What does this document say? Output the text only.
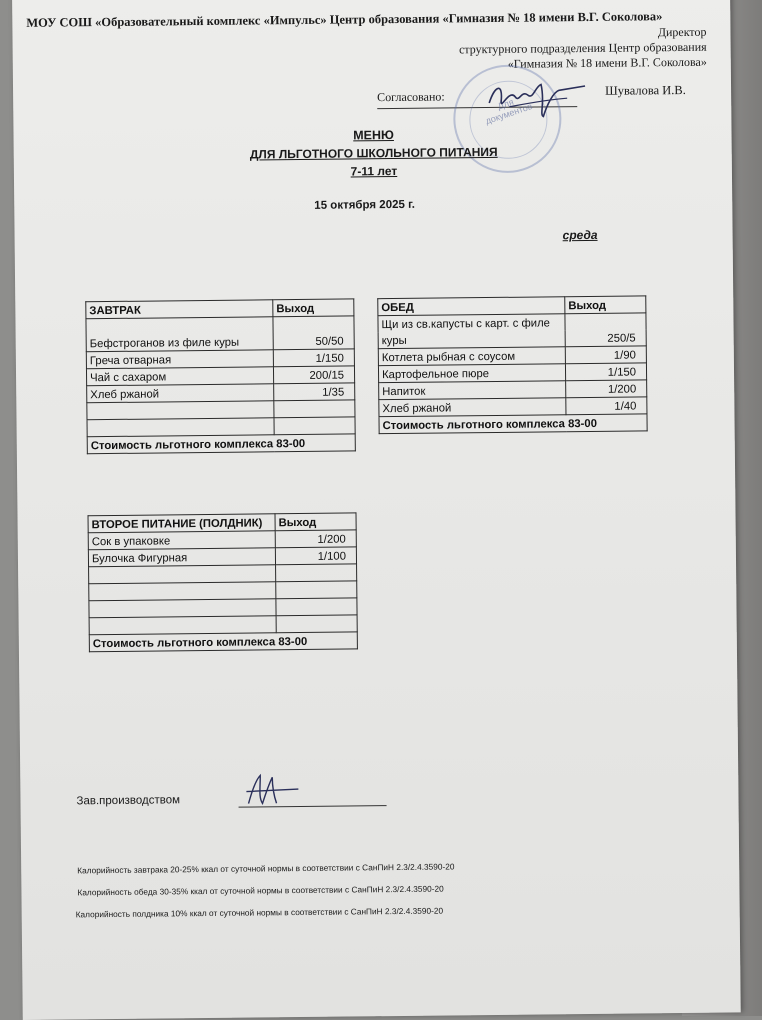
МОУ СОШ «Образовательный комплекс «Импульс» Центр образования «Гимназия № 18 имени В.Г. Соколова»
Директор
структурного подразделения Центр образования
«Гимназия № 18 имени В.Г. Соколова»
Согласовано:	Шувалова И.В.
Для документов
МЕНЮ
ДЛЯ ЛЬГОТНОГО ШКОЛЬНОГО ПИТАНИЯ
7-11 лет
15 октября 2025 г.
среда
ЗАВТРАК	Выход
Бефстроганов из филе куры	50/50
Греча отварная	1/150
Чай с сахаром	200/15
Хлеб ржаной	1/35

Стоимость льготного комплекса 83-00	
ОБЕД	Выход
Щи из св.капусты с карт. с филе	
куры	250/5
Котлета рыбная с соусом	1/90
Картофельное пюре	1/150
Напиток	1/200
Хлеб ржаной	1/40
Стоимость льготного комплекса 83-00	
ВТОРОЕ ПИТАНИЕ (ПОЛДНИК)	Выход
Сок в упаковке	1/200
Булочка Фигурная	1/100

Стоимость льготного комплекса 83-00	
Зав.производством
Калорийность завтрака 20-25% ккал от суточной нормы в соответствии с СанПиН 2.3/2.4.3590-20
Калорийность обеда 30-35% ккал от суточной нормы в соответствии с СанПиН 2.3/2.4.3590-20
Калорийность полдника 10% ккал от суточной нормы в соответствии с СанПиН 2.3/2.4.3590-20
